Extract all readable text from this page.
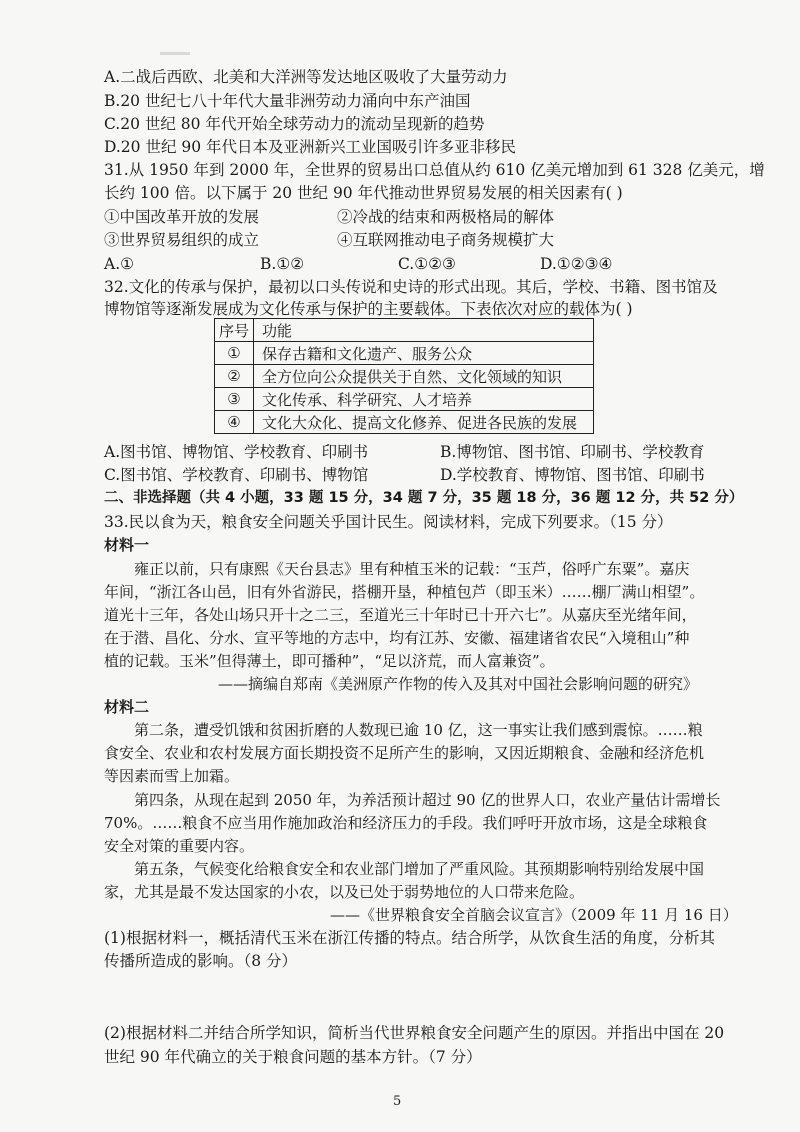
A.二战后西欧、北美和大洋洲等发达地区吸收了大量劳动力
B.20 世纪七八十年代大量非洲劳动力涌向中东产油国
C.20 世纪 80 年代开始全球劳动力的流动呈现新的趋势
D.20 世纪 90 年代日本及亚洲新兴工业国吸引许多亚非移民
31.从 1950 年到 2000 年，全世界的贸易出口总值从约 610 亿美元增加到 61 328 亿美元，增
长约 100 倍。以下属于 20 世纪 90 年代推动世界贸易发展的相关因素有( )
①中国改革开放的发展	②冷战的结束和两极格局的解体
③世界贸易组织的成立	④互联网推动电子商务规模扩大
A.①	B.①②	C.①②③	D.①②③④
32.文化的传承与保护，最初以口头传说和史诗的形式出现。其后，学校、书籍、图书馆及
博物馆等逐渐发展成为文化传承与保护的主要载体。下表依次对应的载体为( )
序号	功能
①	保存古籍和文化遗产、服务公众
②	全方位向公众提供关于自然、文化领域的知识
③	文化传承、科学研究、人才培养
④	文化大众化、提高文化修养、促进各民族的发展
A.图书馆、博物馆、学校教育、印刷书	B.博物馆、图书馆、印刷书、学校教育
C.图书馆、学校教育、印刷书、博物馆	D.学校教育、博物馆、图书馆、印刷书
二、非选择题（共 4 小题，33 题 15 分，34 题 7 分，35 题 18 分，36 题 12 分，共 52 分）
33.民以食为天，粮食安全问题关乎国计民生。阅读材料，完成下列要求。（15 分）
材料一
雍正以前，只有康熙《天台县志》里有种植玉米的记载：“玉芦，俗呼广东粟”。嘉庆
年间，“浙江各山邑，旧有外省游民，搭棚开垦，种植包芦（即玉米）……棚厂满山相望”。
道光十三年，各处山场只开十之二三，至道光三十年时已十开六七”。从嘉庆至光绪年间，
在于潜、昌化、分水、宣平等地的方志中，均有江苏、安徽、福建诸省农民“入境租山”种
植的记载。玉米”但得薄土，即可播种”，“足以济荒，而人富兼资”。
——摘编自郑南《美洲原产作物的传入及其对中国社会影响问题的研究》
材料二
第二条，遭受饥饿和贫困折磨的人数现已逾 10 亿，这一事实让我们感到震惊。……粮
食安全、农业和农村发展方面长期投资不足所产生的影响，又因近期粮食、金融和经济危机
等因素而雪上加霜。
第四条，从现在起到 2050 年，为养活预计超过 90 亿的世界人口，农业产量估计需增长
70%。……粮食不应当用作施加政治和经济压力的手段。我们呼吁开放市场，这是全球粮食
安全对策的重要内容。
第五条，气候变化给粮食安全和农业部门增加了严重风险。其预期影响特别给发展中国
家，尤其是最不发达国家的小农，以及已处于弱势地位的人口带来危险。
——《世界粮食安全首脑会议宣言》（2009 年 11 月 16 日）
(1)根据材料一，概括清代玉米在浙江传播的特点。结合所学，从饮食生活的角度，分析其
传播所造成的影响。（8 分）
(2)根据材料二并结合所学知识，简析当代世界粮食安全问题产生的原因。并指出中国在 20
世纪 90 年代确立的关于粮食问题的基本方针。（7 分）
5
